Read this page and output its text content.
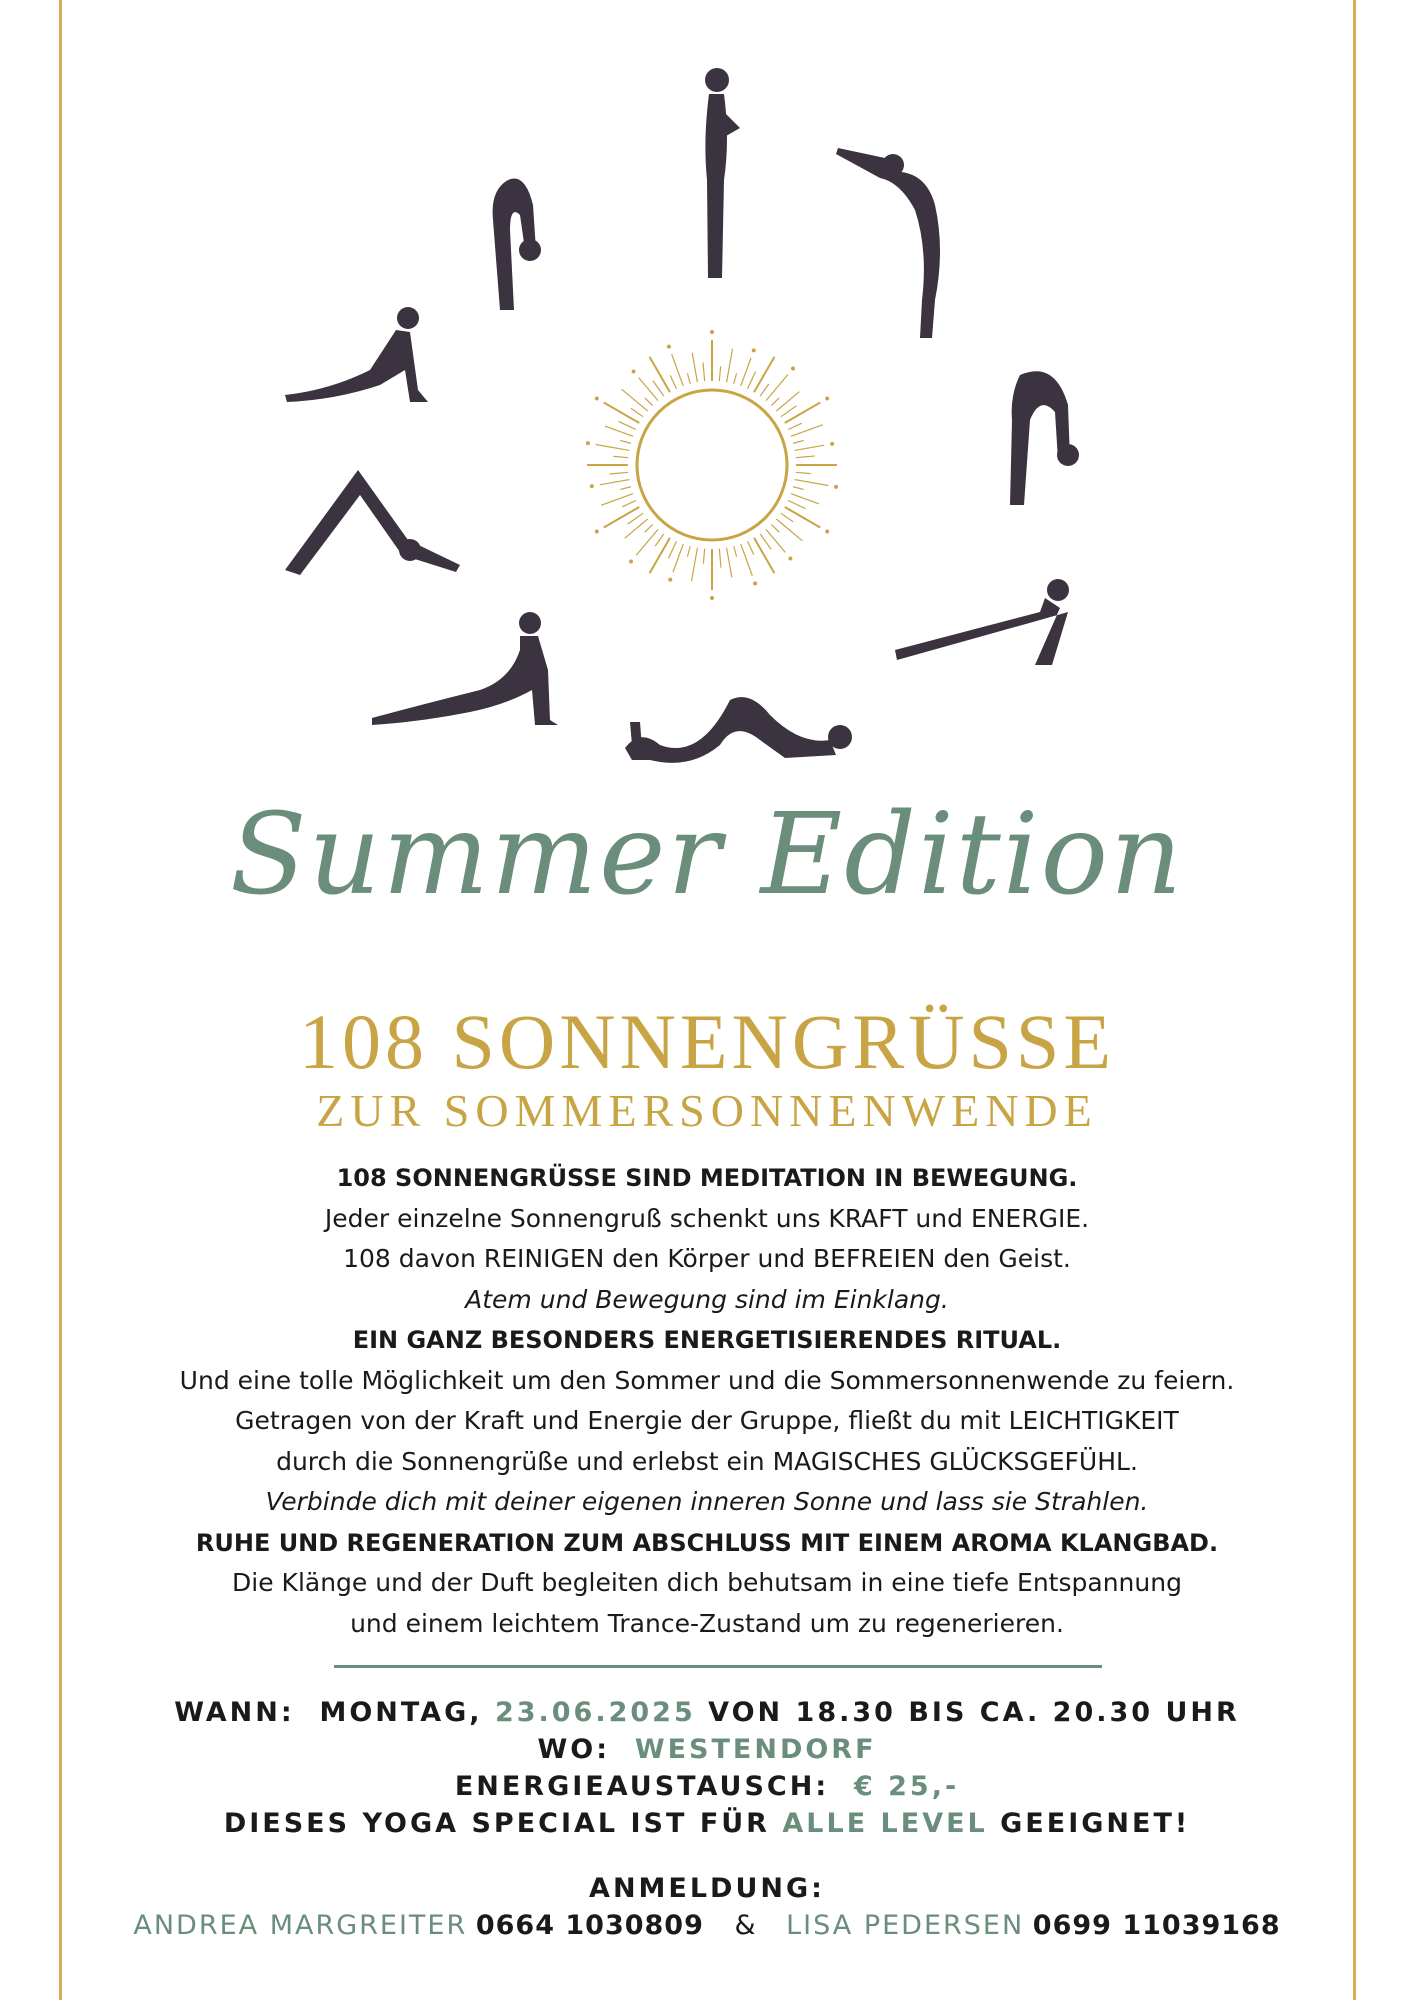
Summer Edition
108 SONNENGRÜSSE
ZUR SOMMERSONNENWENDE
108 SONNENGRÜSSE SIND MEDITATION IN BEWEGUNG.
Jeder einzelne Sonnengruß schenkt uns KRAFT und ENERGIE.
108 davon REINIGEN den Körper und BEFREIEN den Geist.
Atem und Bewegung sind im Einklang.
EIN GANZ BESONDERS ENERGETISIERENDES RITUAL.
Und eine tolle Möglichkeit um den Sommer und die Sommersonnenwende zu feiern.
Getragen von der Kraft und Energie der Gruppe, fließt du mit LEICHTIGKEIT
durch die Sonnengrüße und erlebst ein MAGISCHES GLÜCKSGEFÜHL.
Verbinde dich mit deiner eigenen inneren Sonne und lass sie Strahlen.
RUHE UND REGENERATION ZUM ABSCHLUSS MIT EINEM AROMA KLANGBAD.
Die Klänge und der Duft begleiten dich behutsam in eine tiefe Entspannung
und einem leichtem Trance-Zustand um zu regenerieren.
WANN: MONTAG, 23.06.2025 VON 18.30 BIS CA. 20.30 UHR
WO: WESTENDORF
ENERGIEAUSTAUSCH: € 25,-
DIESES YOGA SPECIAL IST FÜR ALLE LEVEL GEEIGNET!
ANMELDUNG:
ANDREA MARGREITER 0664 1030809 & LISA PEDERSEN 0699 11039168
